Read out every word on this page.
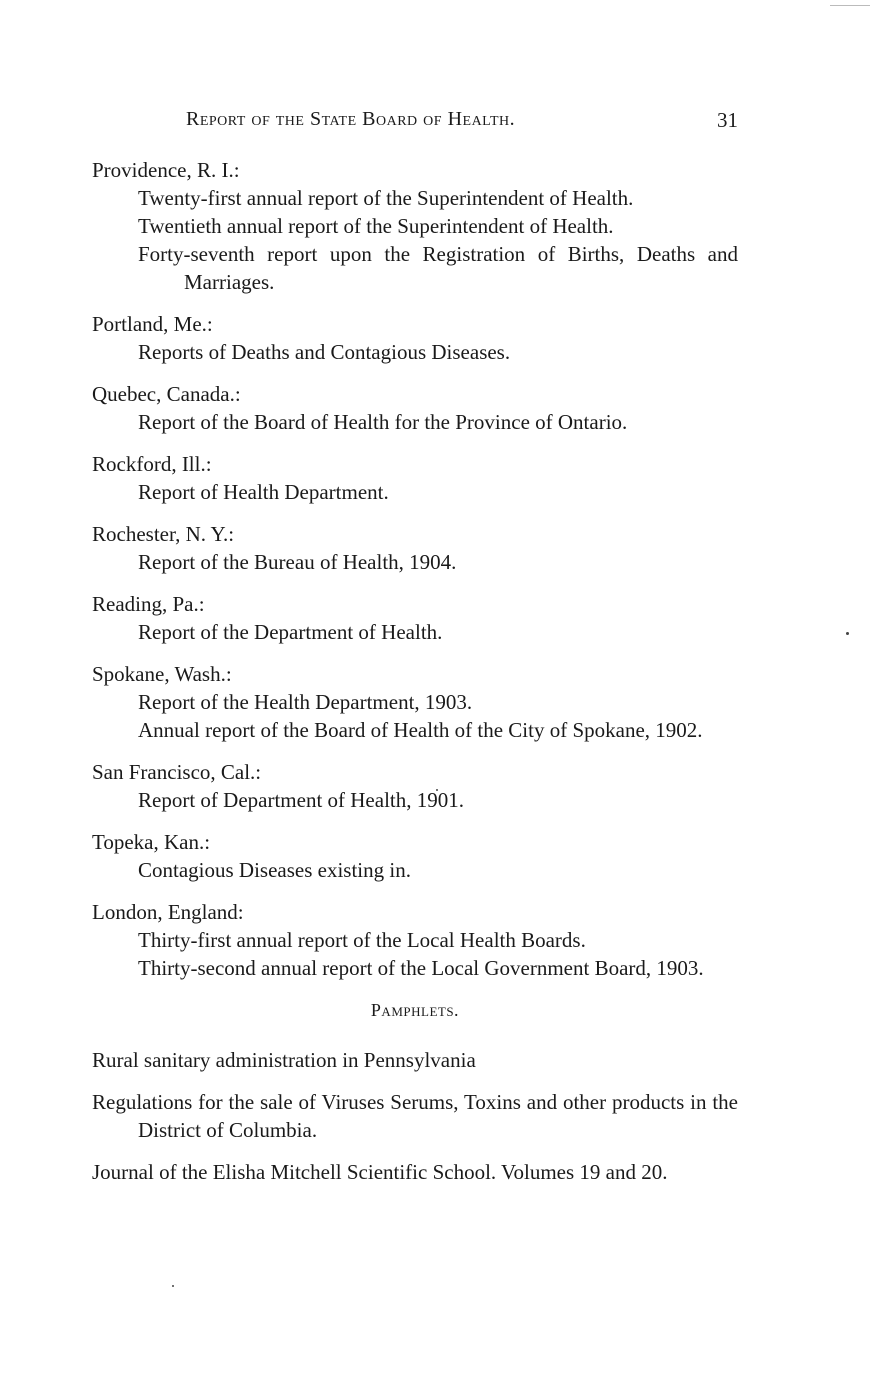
Report of the State Board of Health.	31

Providence, R. I.:

Twenty-first annual report of the Superintendent of Health.

Twentieth annual report of the Superintendent of Health.

Forty-seventh report upon the Registration of Births, Deaths and Marriages.

Portland, Me.:

Reports of Deaths and Contagious Diseases.

Quebec, Canada.:

Report of the Board of Health for the Province of Ontario.

Rockford, Ill.:

Report of Health Department.

Rochester, N. Y.:

Report of the Bureau of Health, 1904.

Reading, Pa.:

Report of the Department of Health.

Spokane, Wash.:

Report of the Health Department, 1903.

Annual report of the Board of Health of the City of Spokane, 1902.

San Francisco, Cal.:

Report of Department of Health, 1901.

Topeka, Kan.:

Contagious Diseases existing in.

London, England:

Thirty-first annual report of the Local Health Boards.

Thirty-second annual report of the Local Government Board, 1903.

Pamphlets.

Rural sanitary administration in Pennsylvania

Regulations for the sale of Viruses Serums, Toxins and other products in the District of Columbia.

Journal of the Elisha Mitchell Scientific School. Volumes 19 and 20.
